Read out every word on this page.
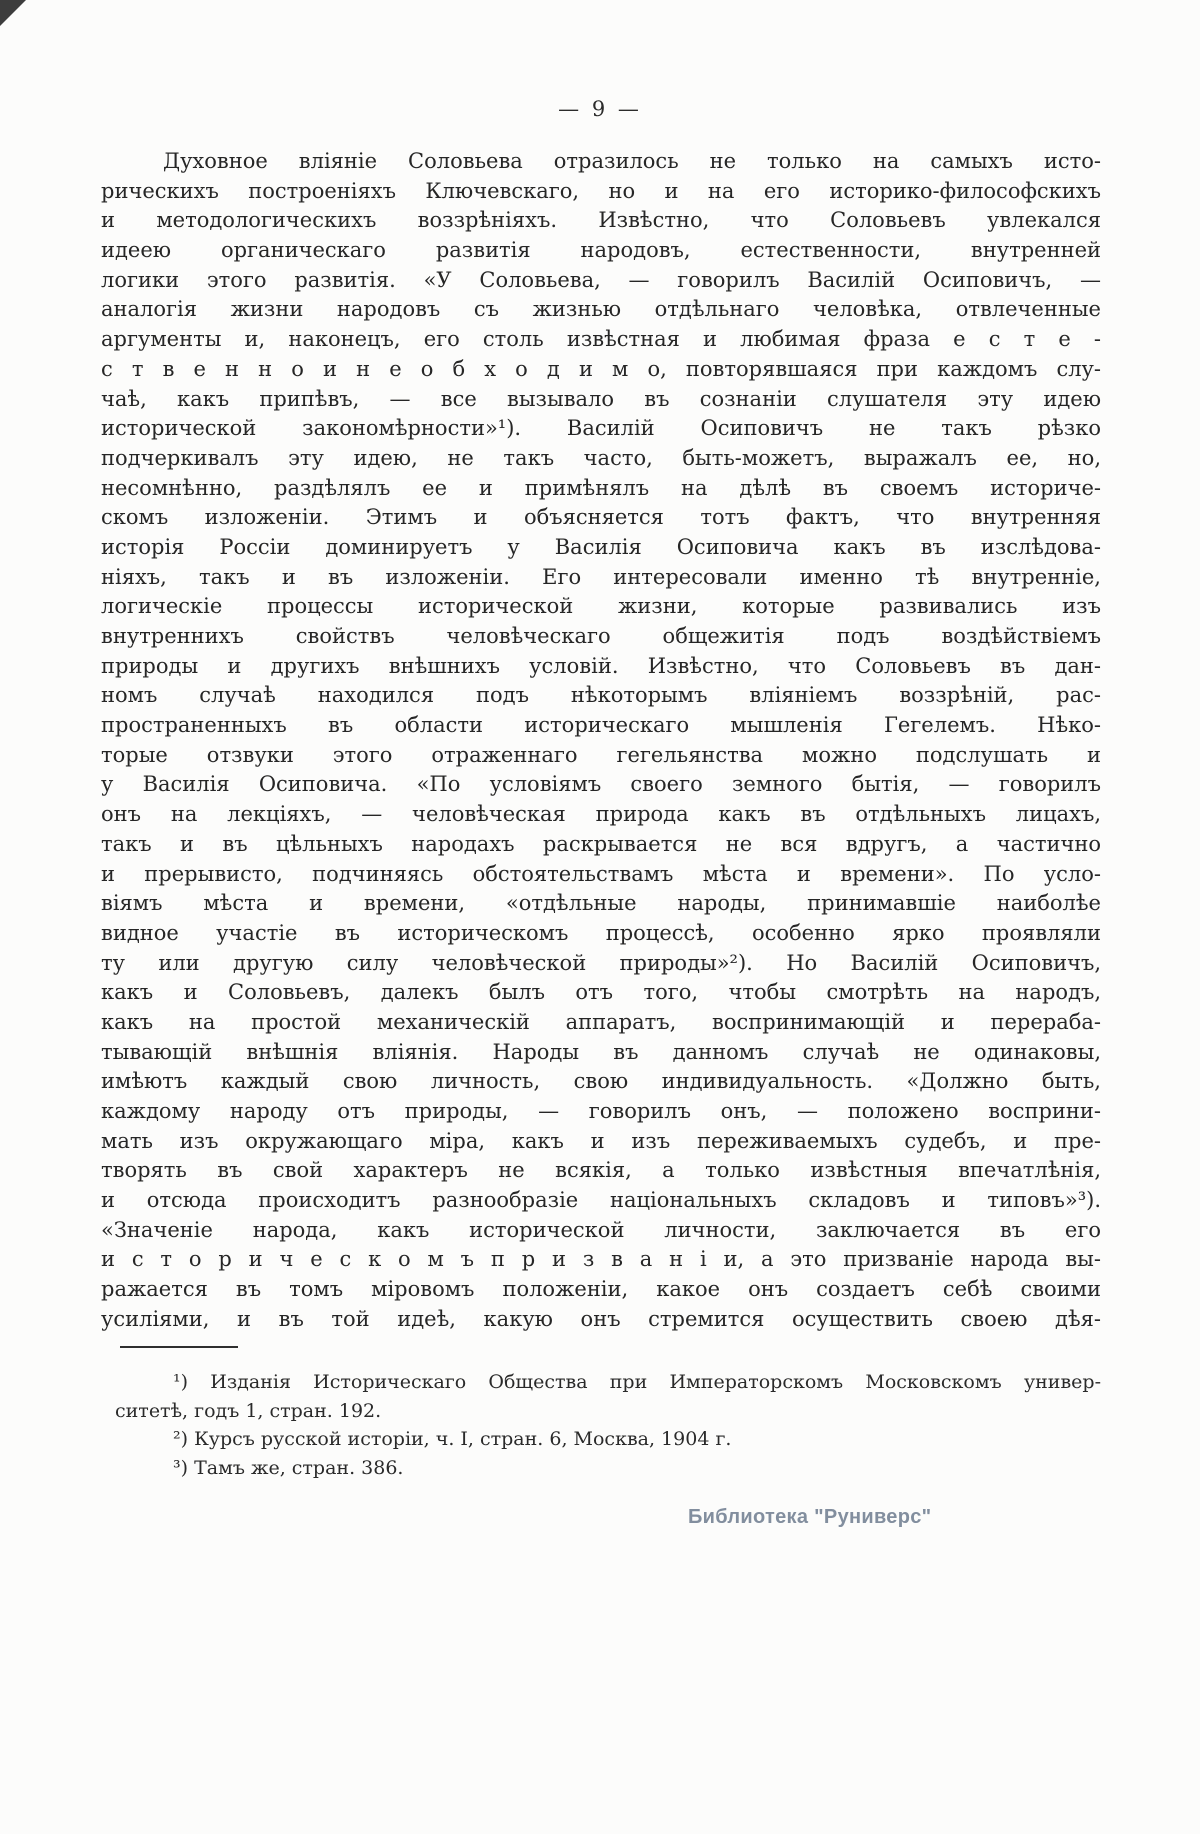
— 9 —
Духовное вліяніе Соловьева отразилось не только на самыхъ исто-
рическихъ построеніяхъ Ключевскаго, но и на его историко-философскихъ
и методологическихъ воззрѣніяхъ. Извѣстно, что Соловьевъ увлекался
идеею органическаго развитія народовъ, естественности, внутренней
логики этого развитія. «У Соловьева, — говорилъ Василій Осиповичъ, —
аналогія жизни народовъ съ жизнью отдѣльнаго человѣка, отвлеченные
аргументы и, наконецъ, его столь извѣстная и любимая фраза е с т е -
с т в е н н о и н е о б х о д и м о, повторявшаяся при каждомъ слу-
чаѣ, какъ припѣвъ, — все вызывало въ сознаніи слушателя эту идею
исторической закономѣрности»¹). Василій Осиповичъ не такъ рѣзко
подчеркивалъ эту идею, не такъ часто, быть-можетъ, выражалъ ее, но,
несомнѣнно, раздѣлялъ ее и примѣнялъ на дѣлѣ въ своемъ историче-
скомъ изложеніи. Этимъ и объясняется тотъ фактъ, что внутренняя
исторія Россіи доминируетъ у Василія Осиповича какъ въ изслѣдова-
ніяхъ, такъ и въ изложеніи. Его интересовали именно тѣ внутренніе,
логическіе процессы исторической жизни, которые развивались изъ
внутреннихъ свойствъ человѣческаго общежитія подъ воздѣйствіемъ
природы и другихъ внѣшнихъ условій. Извѣстно, что Соловьевъ въ дан-
номъ случаѣ находился подъ нѣкоторымъ вліяніемъ воззрѣній, рас-
пространенныхъ въ области историческаго мышленія Гегелемъ. Нѣко-
торые отзвуки этого отраженнаго гегельянства можно подслушать и
у Василія Осиповича. «По условіямъ своего земного бытія, — говорилъ
онъ на лекціяхъ, — человѣческая природа какъ въ отдѣльныхъ лицахъ,
такъ и въ цѣльныхъ народахъ раскрывается не вся вдругъ, а частично
и прерывисто, подчиняясь обстоятельствамъ мѣста и времени». По усло-
віямъ мѣста и времени, «отдѣльные народы, принимавшіе наиболѣе
видное участіе въ историческомъ процессѣ, особенно ярко проявляли
ту или другую силу человѣческой природы»²). Но Василій Осиповичъ,
какъ и Соловьевъ, далекъ былъ отъ того, чтобы смотрѣть на народъ,
какъ на простой механическій аппаратъ, воспринимающій и перераба-
тывающій внѣшнія вліянія. Народы въ данномъ случаѣ не одинаковы,
имѣютъ каждый свою личность, свою индивидуальность. «Должно быть,
каждому народу отъ природы, — говорилъ онъ, — положено восприни-
мать изъ окружающаго міра, какъ и изъ переживаемыхъ судебъ, и пре-
творять въ свой характеръ не всякія, а только извѣстныя впечатлѣнія,
и отсюда происходитъ разнообразіе національныхъ складовъ и типовъ»³).
«Значеніе народа, какъ исторической личности, заключается въ его
и с т о р и ч е с к о м ъ п р и з в а н і и, а это призваніе народа вы-
ражается въ томъ міровомъ положеніи, какое онъ создаетъ себѣ своими
усиліями, и въ той идеѣ, какую онъ стремится осуществить своею дѣя-
¹) Изданія Историческаго Общества при Императорскомъ Московскомъ универ-
ситетѣ, годъ 1, стран. 192.
²) Курсъ русской исторіи, ч. I, стран. 6, Москва, 1904 г.
³) Тамъ же, стран. 386.
Библиотека "Руниверс"
